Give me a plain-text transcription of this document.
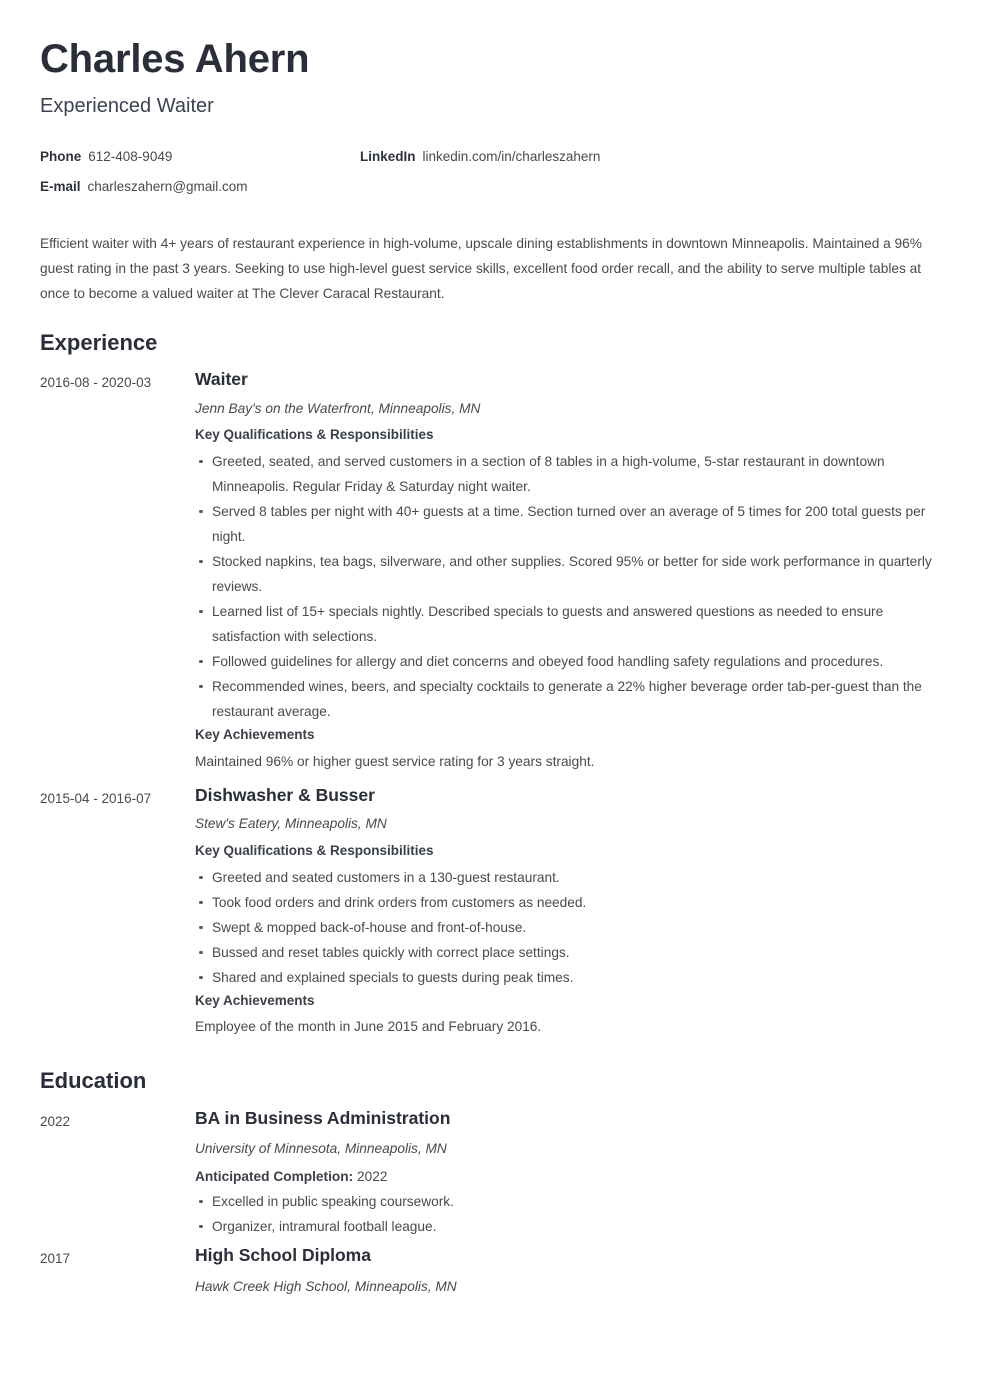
Charles Ahern
Experienced Waiter
Phone 612-408-9049	LinkedIn linkedin.com/in/charleszahern
E-mail charleszahern@gmail.com
Efficient waiter with 4+ years of restaurant experience in high-volume, upscale dining establishments in downtown Minneapolis. Maintained a 96% guest rating in the past 3 years. Seeking to use high-level guest service skills, excellent food order recall, and the ability to serve multiple tables at once to become a valued waiter at The Clever Caracal Restaurant.
Experience
2016-08 - 2020-03	Waiter
Jenn Bay's on the Waterfront, Minneapolis, MN
Key Qualifications & Responsibilities
Greeted, seated, and served customers in a section of 8 tables in a high-volume, 5-star restaurant in downtown Minneapolis. Regular Friday & Saturday night waiter.
Served 8 tables per night with 40+ guests at a time. Section turned over an average of 5 times for 200 total guests per night.
Stocked napkins, tea bags, silverware, and other supplies. Scored 95% or better for side work performance in quarterly reviews.
Learned list of 15+ specials nightly. Described specials to guests and answered questions as needed to ensure satisfaction with selections.
Followed guidelines for allergy and diet concerns and obeyed food handling safety regulations and procedures.
Recommended wines, beers, and specialty cocktails to generate a 22% higher beverage order tab-per-guest than the restaurant average.
Key Achievements

Maintained 96% or higher guest service rating for 3 years straight.

2015-04 - 2016-07	Dishwasher & Busser
Stew's Eatery, Minneapolis, MN
Key Qualifications & Responsibilities
Greeted and seated customers in a 130-guest restaurant.
Took food orders and drink orders from customers as needed.
Swept & mopped back-of-house and front-of-house.
Bussed and reset tables quickly with correct place settings.
Shared and explained specials to guests during peak times.
Key Achievements

Employee of the month in June 2015 and February 2016.

Education
2022	BA in Business Administration
University of Minnesota, Minneapolis, MN

Anticipated Completion: 2022

Excelled in public speaking coursework.
Organizer, intramural football league.
2017	High School Diploma
Hawk Creek High School, Minneapolis, MN
